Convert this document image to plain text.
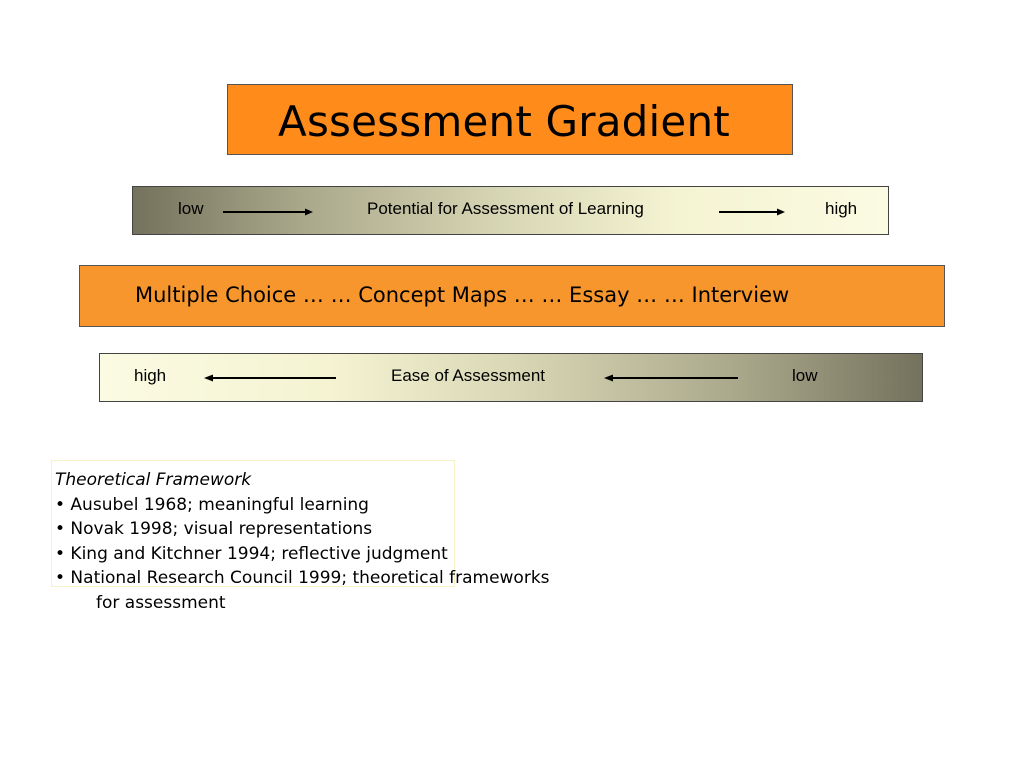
Assessment Gradient
low	Potential for Assessment of Learning	high
Multiple Choice … … Concept Maps … … Essay … … Interview
high	Ease of Assessment	low
Theoretical Framework
• Ausubel 1968; meaningful learning
• Novak 1998; visual representations
• King and Kitchner 1994; reflective judgment
• National Research Council 1999; theoretical frameworks
for assessment
